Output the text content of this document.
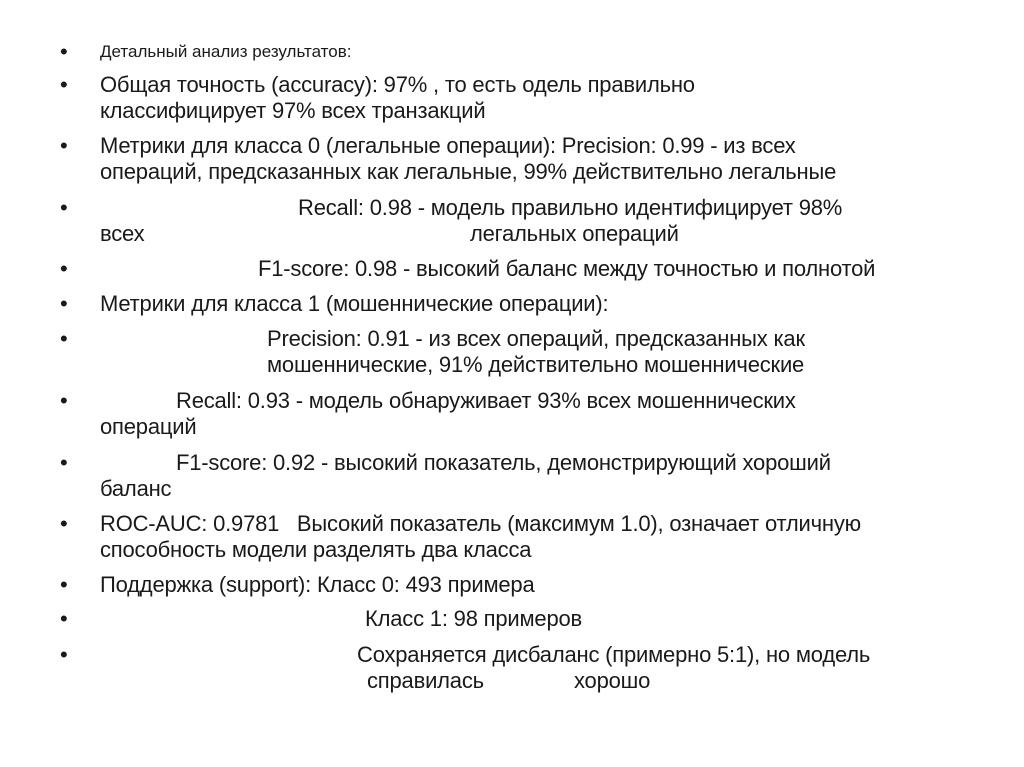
• Детальный анализ результатов:
• Общая точность (accuracy): 97% , то есть одель правильно
классифицирует 97% всех транзакций
• Метрики для класса 0 (легальные операции): Precision: 0.99 - из всех
операций, предсказанных как легальные, 99% действительно легальные
•	Recall: 0.98 - модель правильно идентифицирует 98%
всех	легальных операций
•	F1-score: 0.98 - высокий баланс между точностью и полнотой
• Метрики для класса 1 (мошеннические операции):
•	Precision: 0.91 - из всех операций, предсказанных как
мошеннические, 91% действительно мошеннические
•	Recall: 0.93 - модель обнаруживает 93% всех мошеннических
операций
•	F1-score: 0.92 - высокий показатель, демонстрирующий хороший
баланс
• ROC-AUC: 0.9781   Высокий показатель (максимум 1.0), означает отличную
способность модели разделять два класса
• Поддержка (support): Класс 0: 493 примера
•	Класс 1: 98 примеров
•	Сохраняется дисбаланс (примерно 5:1), но модель
справилась	хорошо
